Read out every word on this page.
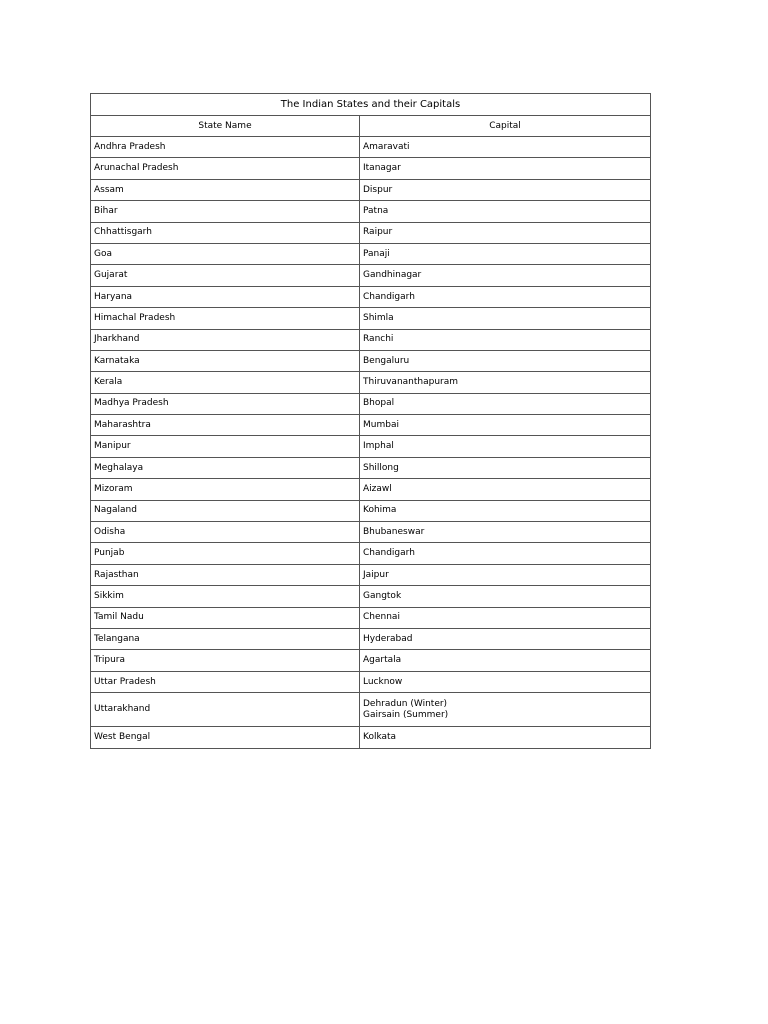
The Indian States and their Capitals	
State Name	Capital
Andhra Pradesh	Amaravati

Arunachal Pradesh	Itanagar

Assam	Dispur

Bihar	Patna

Chhattisgarh	Raipur

Goa	Panaji

Gujarat	Gandhinagar

Haryana	Chandigarh

Himachal Pradesh	Shimla

Jharkhand	Ranchi

Karnataka	Bengaluru

Kerala	Thiruvananthapuram

Madhya Pradesh	Bhopal

Maharashtra	Mumbai

Manipur	Imphal

Meghalaya	Shillong

Mizoram	Aizawl

Nagaland	Kohima

Odisha	Bhubaneswar

Punjab	Chandigarh

Rajasthan	Jaipur

Sikkim	Gangtok

Tamil Nadu	Chennai

Telangana	Hyderabad

Tripura	Agartala

Uttar Pradesh	Lucknow

Uttarakhand	Dehradun (Winter)
Gairsain (Summer)

West Bengal	Kolkata
